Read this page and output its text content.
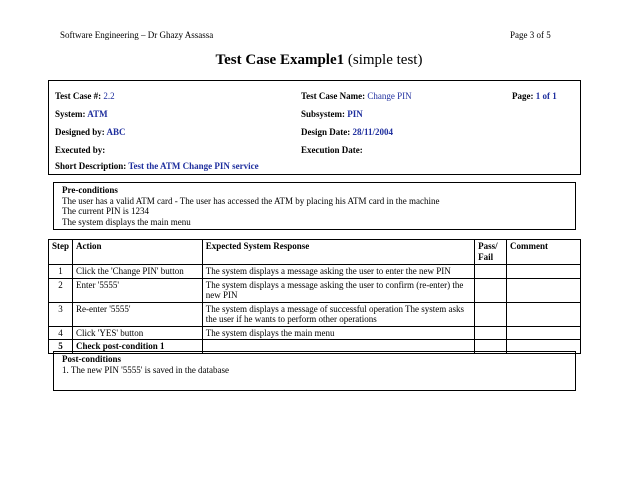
Software Engineering – Dr Ghazy Assassa	Page 3 of 5
Test Case Example1 (simple test)
Test Case #: 2.2	Test Case Name: Change PIN	Page: 1 of 1
System: ATM	Subsystem: PIN
Designed by: ABC	Design Date: 28/11/2004
Executed by:	Execution Date:
Short Description: Test the ATM Change PIN service
Pre-conditions
The user has a valid ATM card - The user has accessed the ATM by placing his ATM card in the machine
The current PIN is 1234
The system displays the main menu
Step	Action	Expected System Response	Pass/ Fail	Comment
1	Click the 'Change PIN' button	The system displays a message asking the user to enter the new PIN		
2	Enter '5555'	The system displays a message asking the user to confirm (re-enter) the new PIN		
3	Re-enter '5555'	The system displays a message of successful operation The system asks the user if he wants to perform other operations		
4	Click 'YES' button	The system displays the main menu		
5	Check post-condition 1			
Post-conditions
1. The new PIN '5555' is saved in the database
